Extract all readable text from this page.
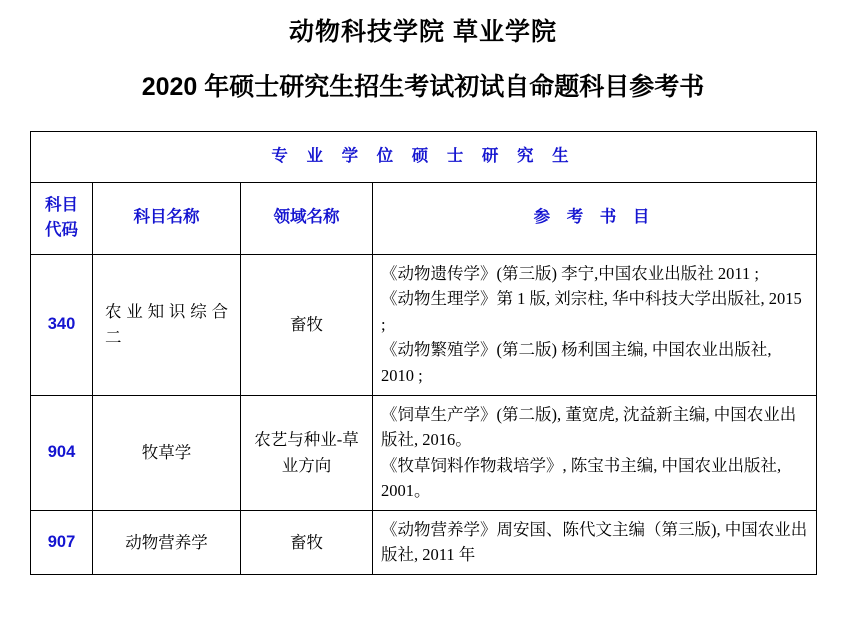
动物科技学院 草业学院
2020 年硕士研究生招生考试初试自命题科目参考书
专 业 学 位 硕 士 研 究 生			

科目
代码	科目名称	领域名称	参 考 书 目
340	农 业 知 识 综 合 二	畜牧	《动物遗传学》(第三版) 李宁,中国农业出版社 2011 ;
《动物生理学》第 1 版, 刘宗柱, 华中科技大学出版社, 2015 ;
《动物繁殖学》(第二版) 杨利国主编, 中国农业出版社, 2010 ;

904	牧草学	农艺与种业-草业方向	《饲草生产学》(第二版), 董宽虎, 沈益新主编, 中国农业出版社, 2016。
《牧草饲料作物栽培学》, 陈宝书主编, 中国农业出版社, 2001。

907	动物营养学	畜牧	《动物营养学》周安国、陈代文主编（第三版), 中国农业出版社, 2011 年
